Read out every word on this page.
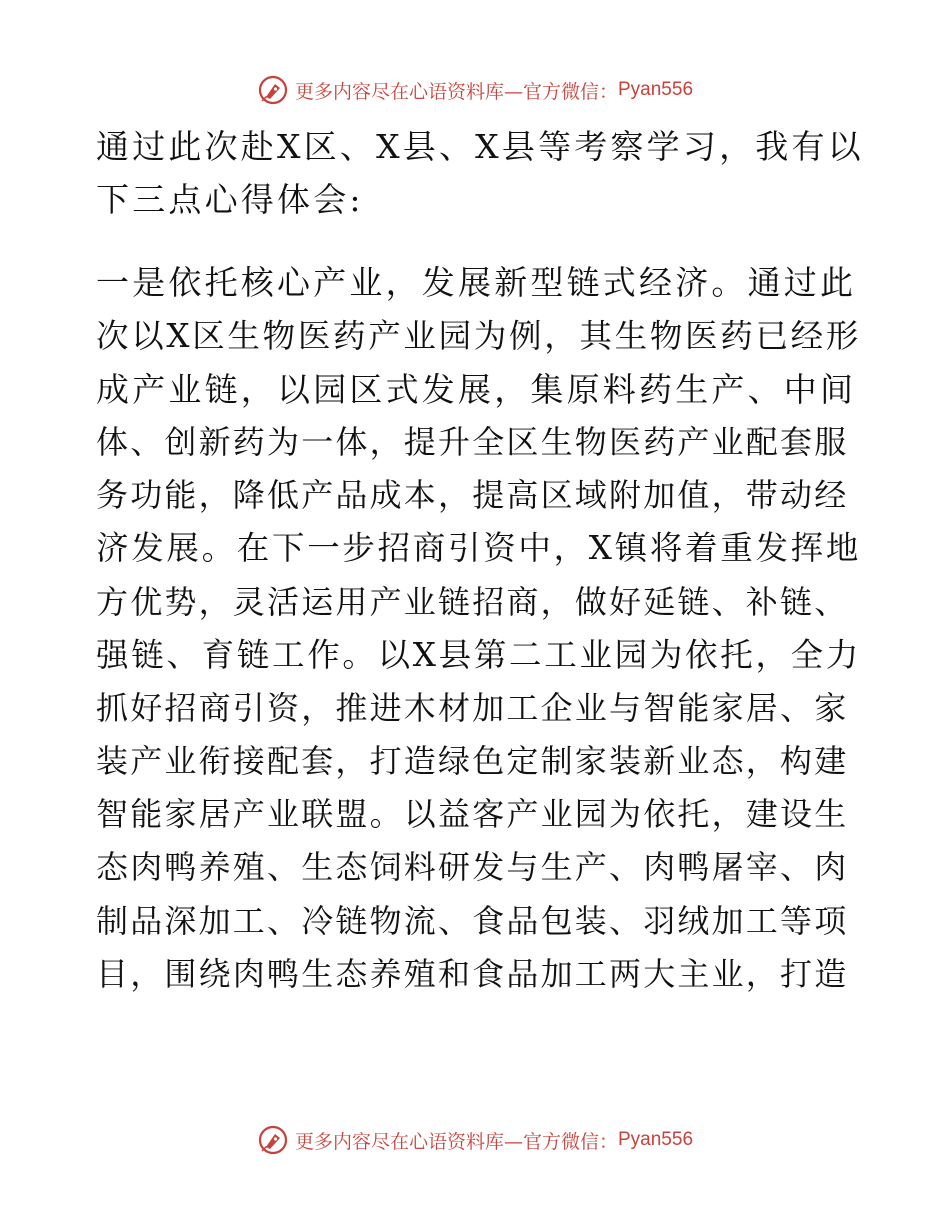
更多内容尽在心语资料库—官方微信： Pyan556
通过此次赴X区、X县、X县等考察学习，我有以
下三点心得体会:
一是依托核心产业，发展新型链式经济。通过此
次以X区生物医药产业园为例，其生物医药已经形
成产业链，以园区式发展，集原料药生产、中间
体、创新药为一体，提升全区生物医药产业配套服
务功能，降低产品成本，提高区域附加值，带动经
济发展。在下一步招商引资中，X镇将着重发挥地
方优势，灵活运用产业链招商，做好延链、补链、
强链、育链工作。以X县第二工业园为依托，全力
抓好招商引资，推进木材加工企业与智能家居、家
装产业衔接配套，打造绿色定制家装新业态，构建
智能家居产业联盟。以益客产业园为依托，建设生
态肉鸭养殖、生态饲料研发与生产、肉鸭屠宰、肉
制品深加工、冷链物流、食品包装、羽绒加工等项
目，围绕肉鸭生态养殖和食品加工两大主业，打造
更多内容尽在心语资料库—官方微信： Pyan556
